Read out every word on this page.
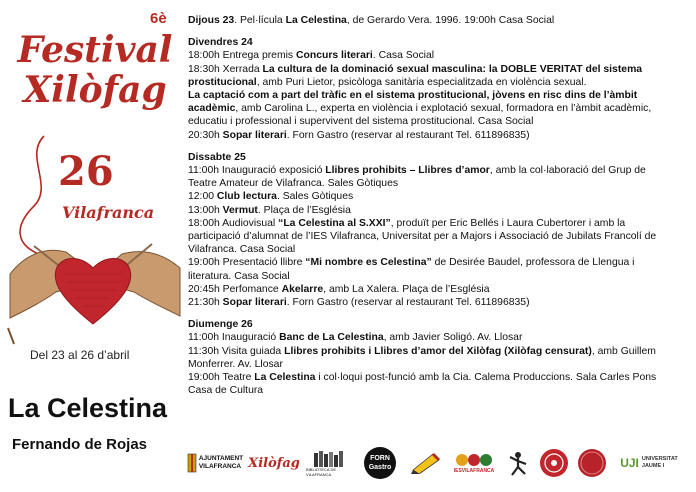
6è
Festival
Xilòfag
26
Vilafranca
Del 23 al 26 d’abril
La Celestina
Fernando de Rojas

Dijous 23. Pel·lícula La Celestina, de Gerardo Vera. 1996. 19:00h Casa Social

Divendres 24

18:00h Entrega premis Concurs literari. Casa Social

18:30h Xerrada La cultura de la dominació sexual masculina: la DOBLE VERITAT del sistema prostitucional, amb Puri Lietor, psicòloga sanitària especialitzada en violència sexual.

La captació com a part del tràfic en el sistema prostitucional, jòvens en risc dins de l’àmbit acadèmic, amb Carolina L., experta en violència i explotació sexual, formadora en l’àmbit acadèmic, educatiu i professional i supervivent del sistema prostitucional. Casa Social

20:30h Sopar literari. Forn Gastro (reservar al restaurant Tel. 611896835)

Dissabte 25

11:00h Inauguració exposició Llibres prohibits – Llibres d’amor, amb la col·laboració del Grup de Teatre Amateur de Vilafranca. Sales Gòtiques

12:00 Club lectura. Sales Gòtiques

13:00h Vermut. Plaça de l’Església

18:00h Audiovisual “La Celestina al S.XXI”, produït per Eric Bellés i Laura Cubertorer i amb la participació d’alumnat de l’IES Vilafranca, Universitat per a Majors i Associació de Jubilats Francolí de Vilafranca. Casa Social

19:00h Presentació llibre “Mi nombre es Celestina” de Desirée Baudel, professora de Llengua i literatura. Casa Social

20:45h Perfomance Akelarre, amb La Xalera. Plaça de l’Església

21:30h Sopar literari. Forn Gastro (reservar al restaurant Tel. 611896835)

Diumenge 26

11:00h Inauguració Banc de La Celestina, amb Javier Soligó. Av. Llosar

11:30h Visita guiada Llibres prohibits i Llibres d’amor del Xilòfag (Xilòfag censurat), amb Guillem Monferrer. Av. Llosar

19:00h Teatre La Celestina i col·loqui post-funció amb la Cia. Calema Produccions. Sala Carles Pons Casa de Cultura

AJUNTAMENT
VILAFRANCA Xilòfag BIBLIOTECA DE VILAFRANCA
FORN
Gastro	IESVILAFRANCA
UJI UNIVERSITAT
JAUME I
